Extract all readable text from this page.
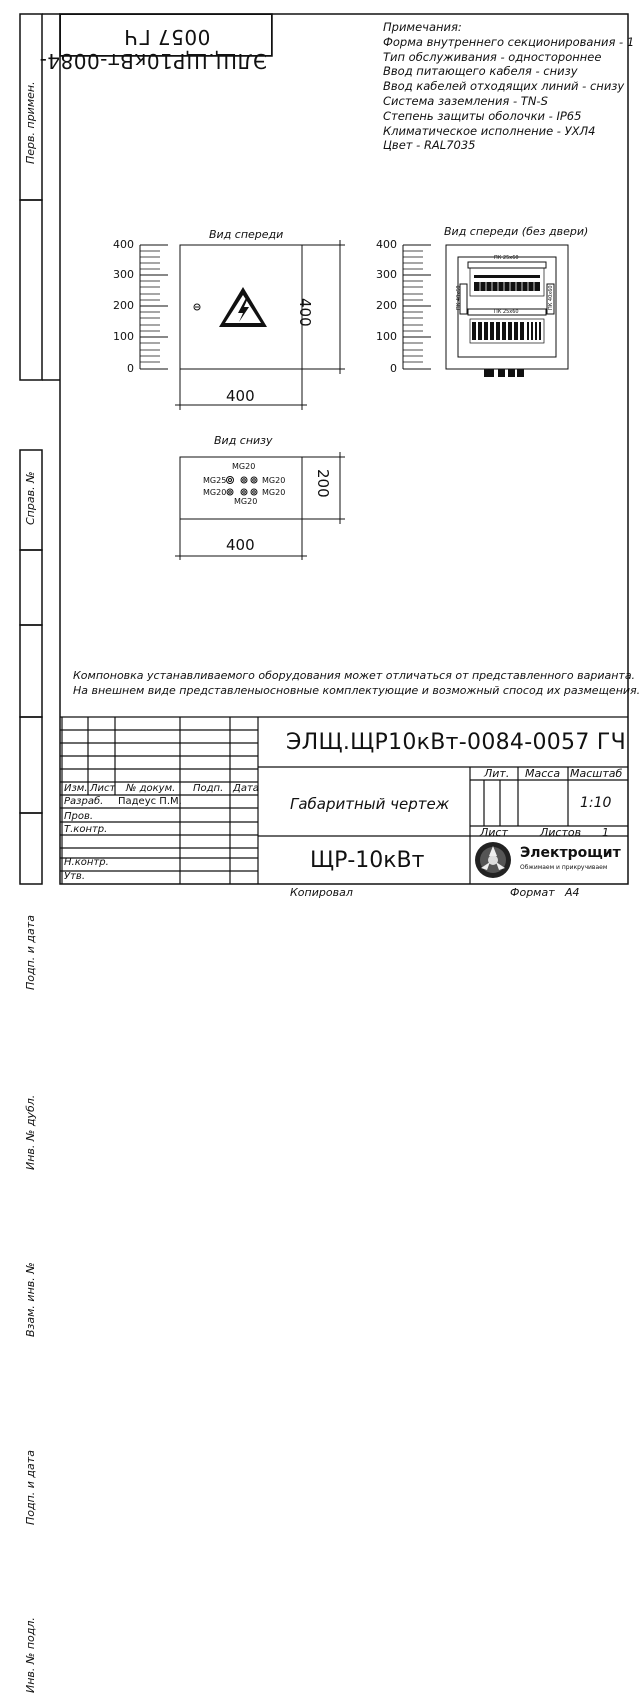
Перв. примен.
Справ. №
Подп. и дата
Инв. № дубл.
Взам. инв. №
Подп. и дата
Инв. № подл.
ЭЛЩ.ЩР10кВт-0084-0057 ГЧ	Примечания:
Форма внутреннего секционирования - 1
Тип обслуживания - одностороннее
Ввод питающего кабеля - снизу
Ввод кабелей отходящих линий - снизу
Система заземления - TN-S
Степень защиты оболочки - IP65
Климатическое исполнение - УХЛ4
Цвет - RAL7035
Вид спереди	Вид спереди (без двери)
Вид снизу
400
300
200
100
0
400
300
200
100
0
400
400
400
200
MG20
MG25
MG20
MG20
MG20
MG20
ПК 25х60
ПК 25х60
ПК 40х60	ПК 40х60
Компоновка устанавливаемого оборудования может отличаться от представленного варианта.
На внешнем виде представленыосновные комплектующие и возможный спосод их размещения.
ЭЛЩ.ЩР10кВт-0084-0057 ГЧ
Изм. Лист № докум. Подп. Дата
Разраб. Падеус П.М.
Пров.
Т.контр.
Н.контр.
Утв.
Габаритный чертеж
Лит. Масса Масштаб
1:10
Лист	Листов 1
ЩР-10кВт	Электрощит
Обжимаем и прикручиваем
Копировал	Формат А4
